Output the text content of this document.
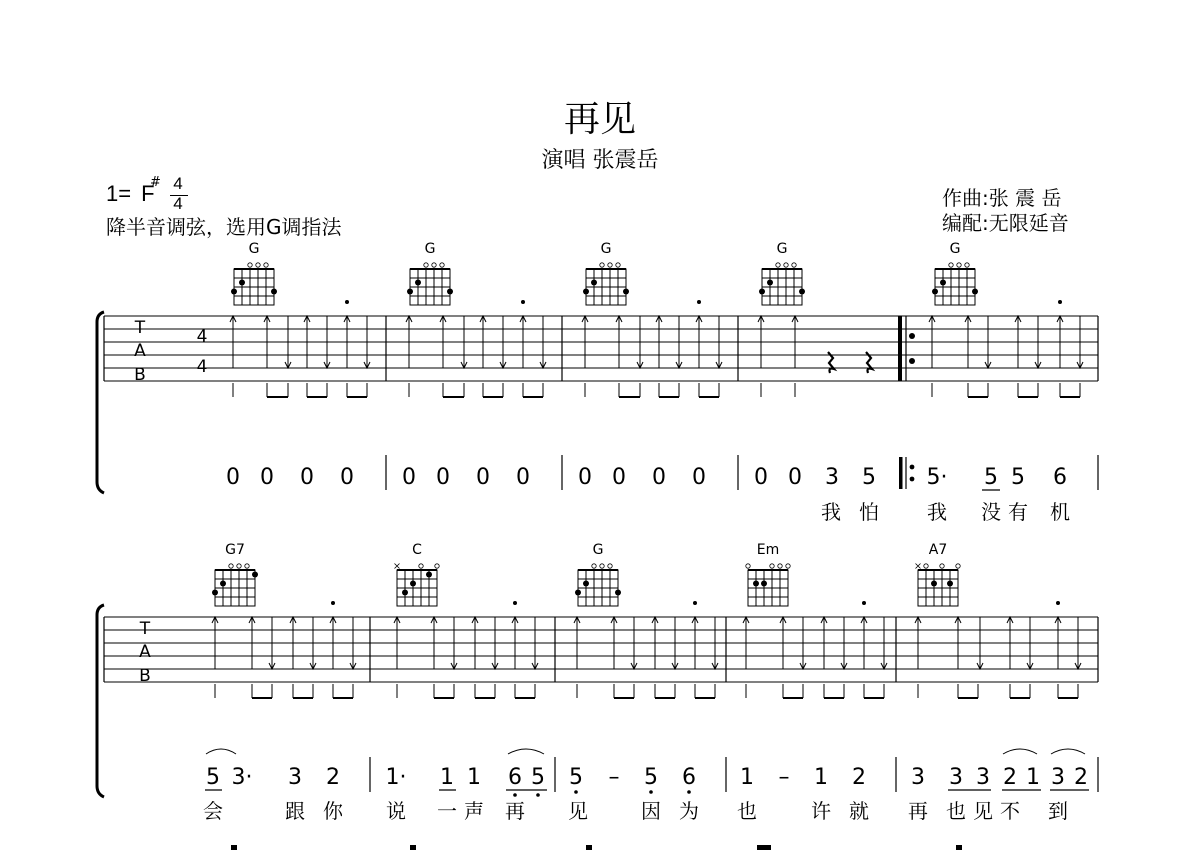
再见
演唱 张震岳
1= F
# 4
4
降半音调弦，选用G调指法
作曲:张 震 岳
编配:无限延音
T
A
B
4
4
G	G	G	G	G
0 0 0 0 0 0 0 0 0 0 0 0 0 0 3 5 5· 5 5 6
我 怕 我 没 有 机
T
A
B
G7	C	G	Em	A7
5 3· 3 2 1· 1 1 6 5 5 – 5 6 1 – 1 2 3 3 3 2 1 3 2
会	跟 你 说 一 声 再 见	因 为 也	许 就 再 也 见 不 到
